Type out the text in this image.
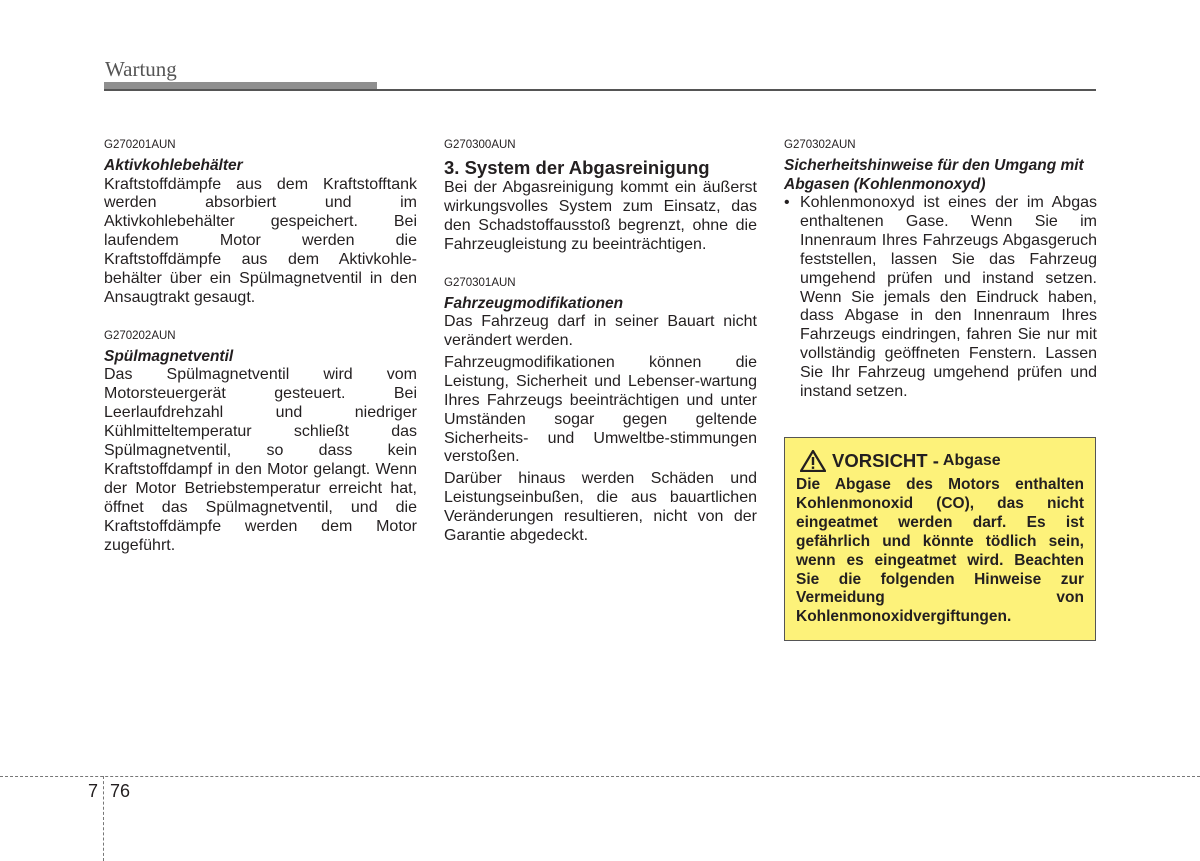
Wartung
G270201AUN
Aktivkohlebehälter

Kraftstoffdämpfe aus dem Kraftstofftank werden absorbiert und im Aktivkohlebehälter gespeichert. Bei laufendem Motor werden die Kraftstoffdämpfe aus dem Aktivkohle-behälter über ein Spülmagnetventil in den Ansaugtrakt gesaugt.

G270202AUN
Spülmagnetventil

Das Spülmagnetventil wird vom Motorsteuergerät gesteuert. Bei Leerlaufdrehzahl und niedriger Kühlmitteltemperatur schließt das Spülmagnetventil, so dass kein Kraftstoffdampf in den Motor gelangt. Wenn der Motor Betriebstemperatur erreicht hat, öffnet das Spülmagnetventil, und die Kraftstoffdämpfe werden dem Motor zugeführt.

G270300AUN
3. System der Abgasreinigung

Bei der Abgasreinigung kommt ein äußerst wirkungsvolles System zum Einsatz, das den Schadstoffausstoß begrenzt, ohne die Fahrzeugleistung zu beeinträchtigen.

G270301AUN
Fahrzeugmodifikationen

Das Fahrzeug darf in seiner Bauart nicht verändert werden.

Fahrzeugmodifikationen können die Leistung, Sicherheit und Lebenser-wartung Ihres Fahrzeugs beeinträchtigen und unter Umständen sogar gegen geltende Sicherheits- und Umweltbe-stimmungen verstoßen.

Darüber hinaus werden Schäden und Leistungseinbußen, die aus bauartlichen Veränderungen resultieren, nicht von der Garantie abgedeckt.

G270302AUN
Sicherheitshinweise für den Umgang mit Abgasen (Kohlenmonoxyd)
• Kohlenmonoxyd ist eines der im Abgas enthaltenen Gase. Wenn Sie im Innenraum Ihres Fahrzeugs Abgasgeruch feststellen, lassen Sie das Fahrzeug umgehend prüfen und instand setzen. Wenn Sie jemals den Eindruck haben, dass Abgase in den Innenraum Ihres Fahrzeugs eindringen, fahren Sie nur mit vollständig geöffneten Fenstern. Lassen Sie Ihr Fahrzeug umgehend prüfen und instand setzen.
VORSICHT - Abgase
Die Abgase des Motors enthalten Kohlenmonoxid (CO), das nicht eingeatmet werden darf. Es ist gefährlich und könnte tödlich sein, wenn es eingeatmet wird. Beachten Sie die folgenden Hinweise zur Vermeidung von Kohlenmonoxidvergiftungen.
7 76
